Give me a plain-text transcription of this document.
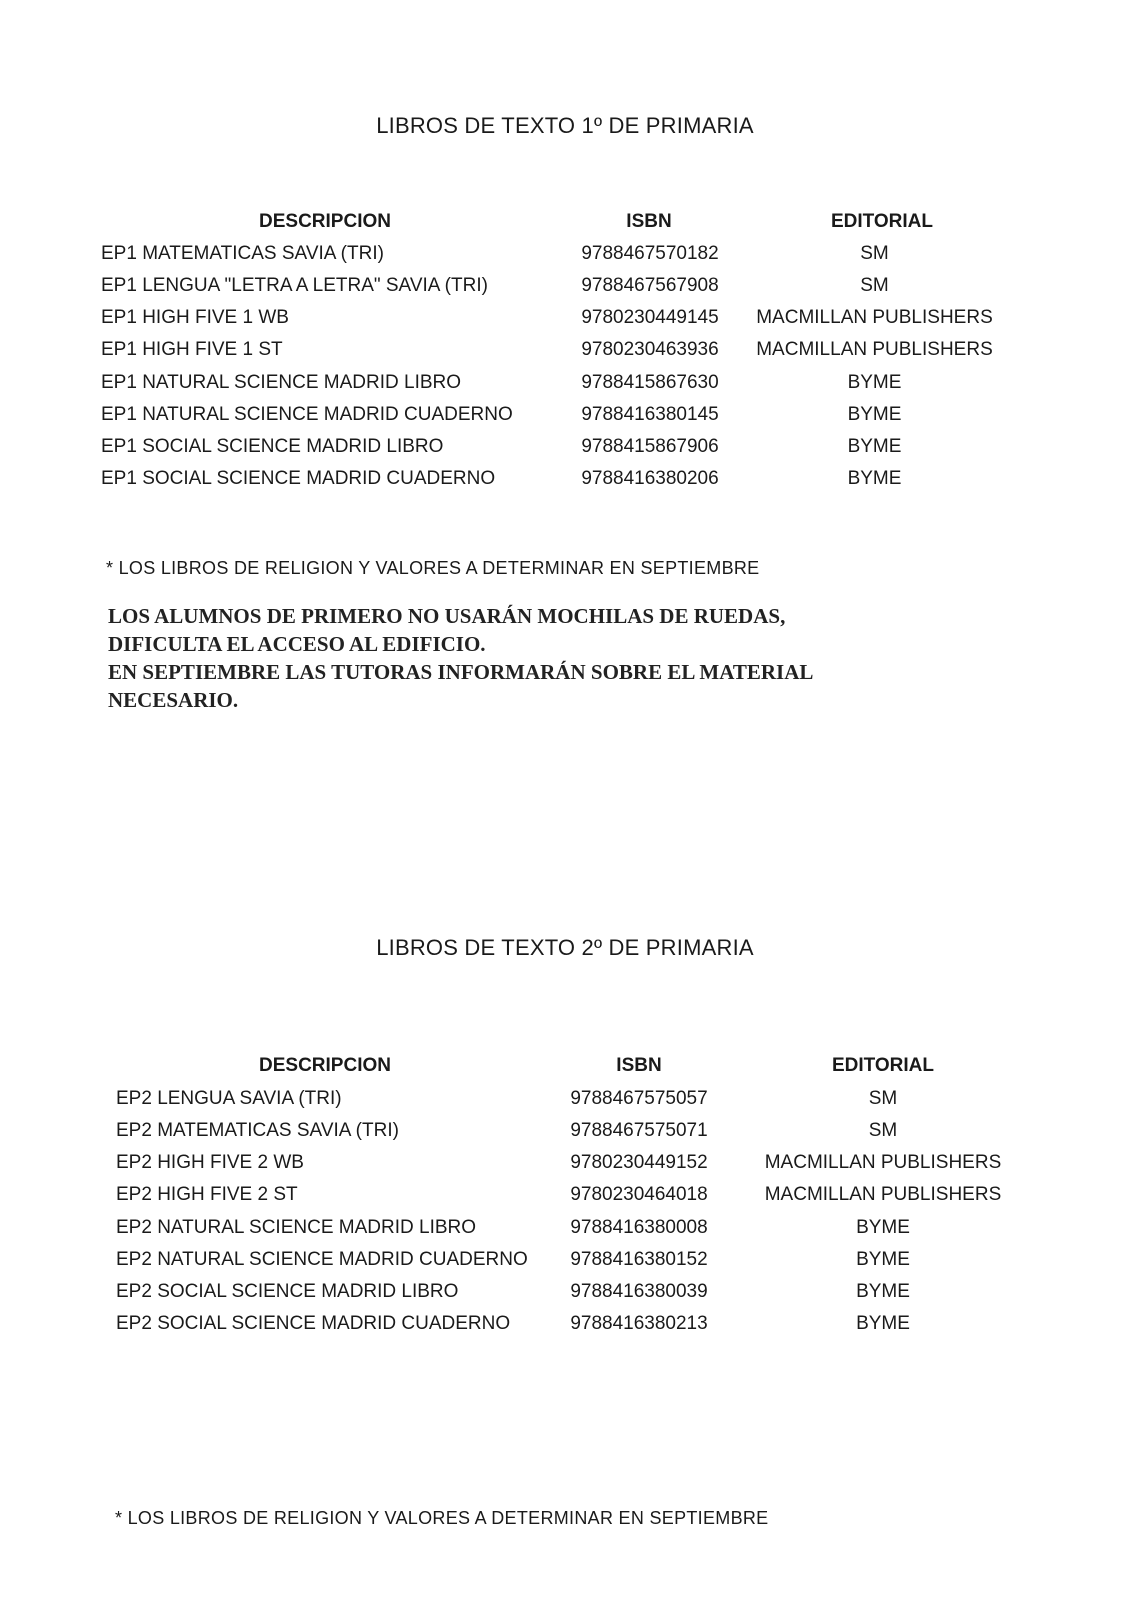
LIBROS DE TEXTO 1º DE PRIMARIA
DESCRIPCION	ISBN	EDITORIAL
EP1 MATEMATICAS SAVIA (TRI)	9788467570182	SM
EP1 LENGUA "LETRA A LETRA" SAVIA (TRI)	9788467567908	SM
EP1 HIGH FIVE 1 WB	9780230449145	MACMILLAN PUBLISHERS
EP1 HIGH FIVE 1 ST	9780230463936	MACMILLAN PUBLISHERS
EP1 NATURAL SCIENCE MADRID LIBRO	9788415867630	BYME
EP1 NATURAL SCIENCE MADRID CUADERNO	9788416380145	BYME
EP1 SOCIAL SCIENCE MADRID LIBRO	9788415867906	BYME
EP1 SOCIAL SCIENCE MADRID CUADERNO	9788416380206	BYME
* LOS LIBROS DE RELIGION Y VALORES A DETERMINAR EN SEPTIEMBRE
LOS ALUMNOS DE PRIMERO NO USARÁN MOCHILAS DE RUEDAS,
DIFICULTA EL ACCESO AL EDIFICIO.
EN SEPTIEMBRE LAS TUTORAS INFORMARÁN SOBRE EL MATERIAL
NECESARIO.
LIBROS DE TEXTO 2º DE PRIMARIA
DESCRIPCION	ISBN	EDITORIAL
EP2 LENGUA SAVIA (TRI)	9788467575057	SM
EP2 MATEMATICAS SAVIA (TRI)	9788467575071	SM
EP2 HIGH FIVE 2 WB	9780230449152	MACMILLAN PUBLISHERS
EP2 HIGH FIVE 2 ST	9780230464018	MACMILLAN PUBLISHERS
EP2 NATURAL SCIENCE MADRID LIBRO	9788416380008	BYME
EP2 NATURAL SCIENCE MADRID CUADERNO	9788416380152	BYME
EP2 SOCIAL SCIENCE MADRID LIBRO	9788416380039	BYME
EP2 SOCIAL SCIENCE MADRID CUADERNO	9788416380213	BYME
* LOS LIBROS DE RELIGION Y VALORES A DETERMINAR EN SEPTIEMBRE
